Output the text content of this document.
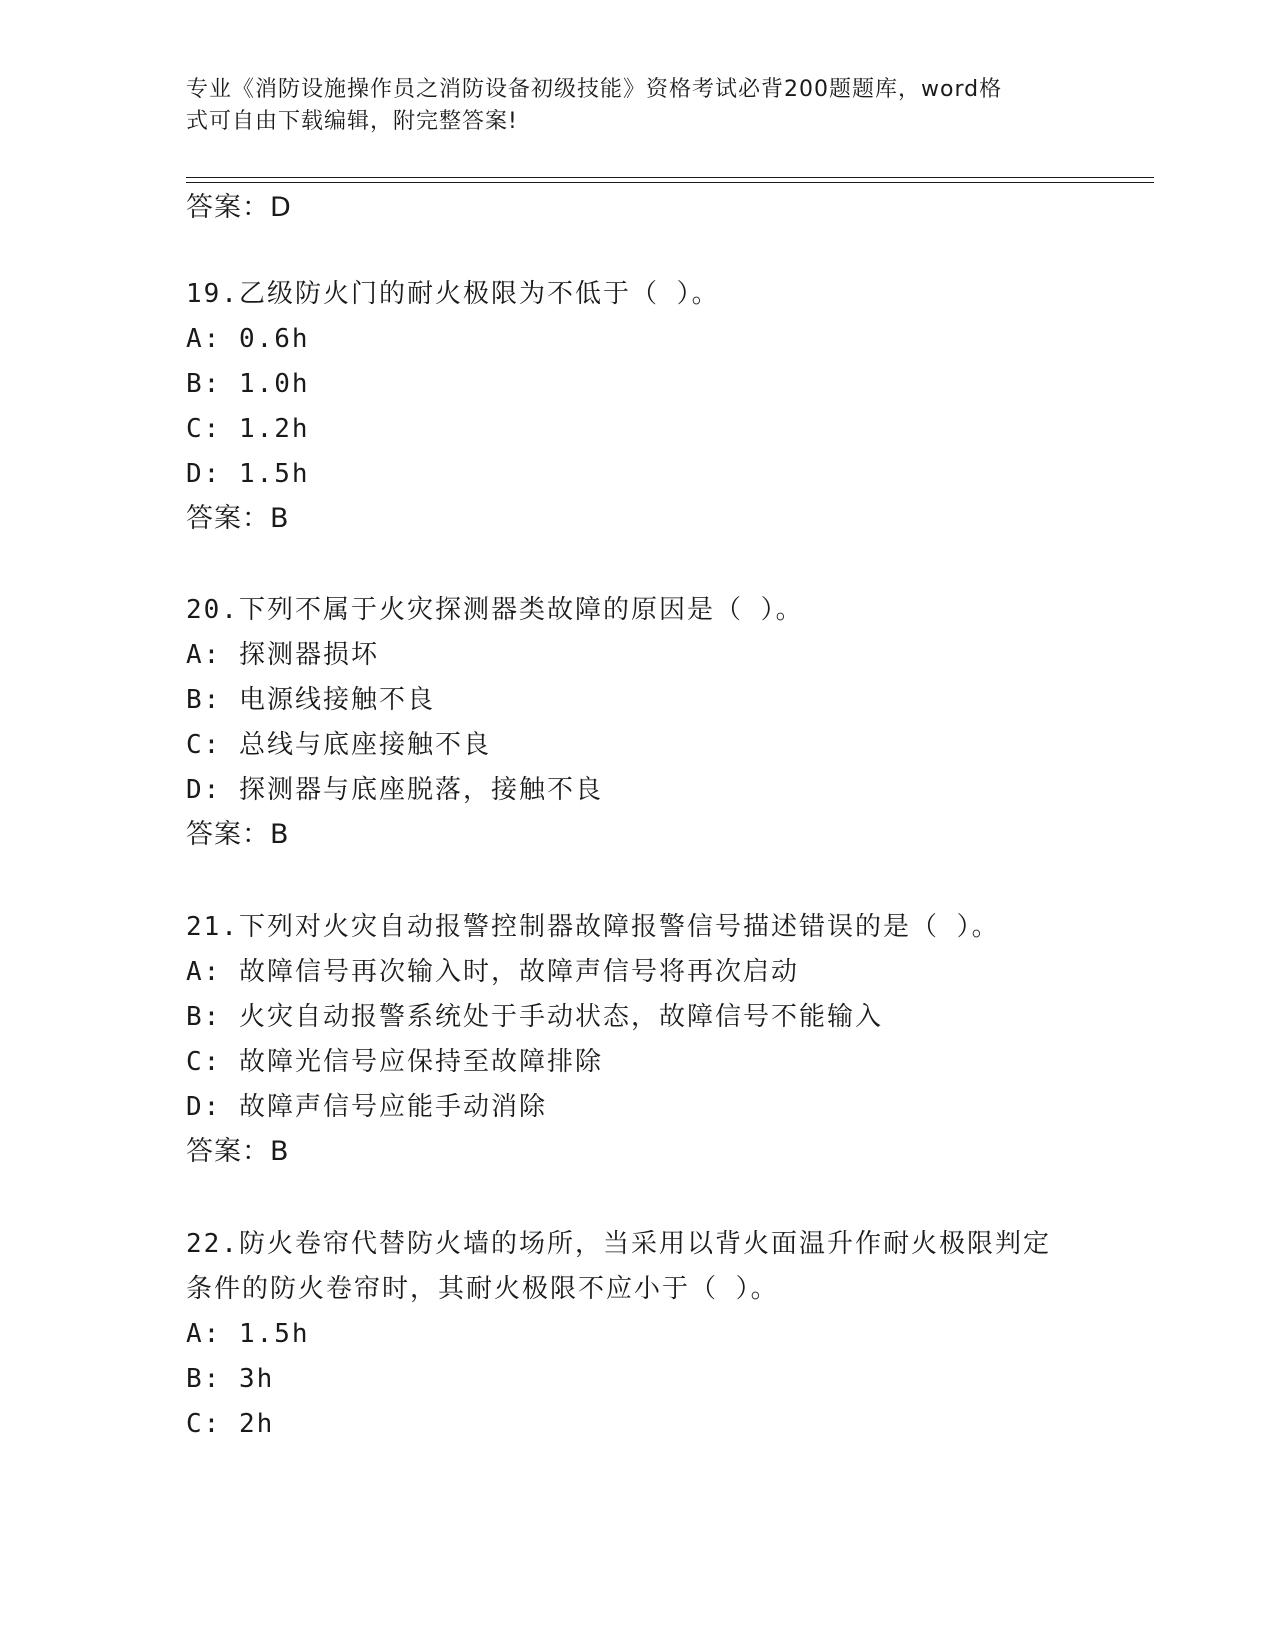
专业《消防设施操作员之消防设备初级技能》资格考试必背200题题库，word格
式可自由下载编辑，附完整答案!
答案：D
19.乙级防火门的耐火极限为不低于（ ）。
A: 0.6h
B: 1.0h
C: 1.2h
D: 1.5h
答案：B
20.下列不属于火灾探测器类故障的原因是（ ）。
A: 探测器损坏
B: 电源线接触不良
C: 总线与底座接触不良
D: 探测器与底座脱落，接触不良
答案：B
21.下列对火灾自动报警控制器故障报警信号描述错误的是（ ）。
A: 故障信号再次输入时，故障声信号将再次启动
B: 火灾自动报警系统处于手动状态，故障信号不能输入
C: 故障光信号应保持至故障排除
D: 故障声信号应能手动消除
答案：B
22.防火卷帘代替防火墙的场所，当采用以背火面温升作耐火极限判定
条件的防火卷帘时，其耐火极限不应小于（ ）。
A: 1.5h
B: 3h
C: 2h
